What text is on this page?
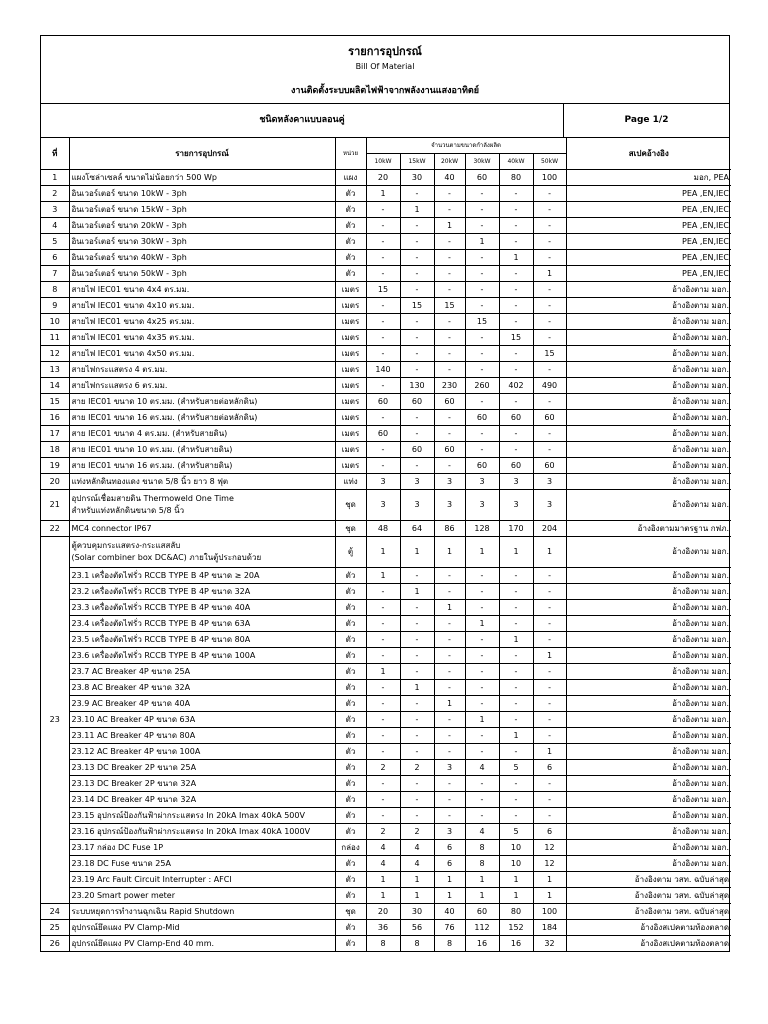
รายการอุปกรณ์
Bill Of Material
งานติดตั้งระบบผลิตไฟฟ้าจากพลังงานแสงอาทิตย์
ชนิดหลังคาแบบลอนคู่	Page 1/2
ที่	รายการอุปกรณ์	หน่วย	จำนวนตามขนาดกำลังผลิต						สเปคอ้างอิง
			10kW	15kW	20kW	30kW	40kW	50kW	
1	แผงโซล่าเซลล์ ขนาดไม่น้อยกว่า 500 Wp	แผง	20	30	40	60	80	100	มอก, PEA
2	อินเวอร์เตอร์ ขนาด 10kW - 3ph	ตัว	1	-	-	-	-	-	PEA ,EN,IEC
3	อินเวอร์เตอร์ ขนาด 15kW - 3ph	ตัว	-	1	-	-	-	-	PEA ,EN,IEC
4	อินเวอร์เตอร์ ขนาด 20kW - 3ph	ตัว	-	-	1	-	-	-	PEA ,EN,IEC
5	อินเวอร์เตอร์ ขนาด 30kW - 3ph	ตัว	-	-	-	1	-	-	PEA ,EN,IEC
6	อินเวอร์เตอร์ ขนาด 40kW - 3ph	ตัว	-	-	-	-	1	-	PEA ,EN,IEC
7	อินเวอร์เตอร์ ขนาด 50kW - 3ph	ตัว	-	-	-	-	-	1	PEA ,EN,IEC
8	สายไฟ IEC01 ขนาด 4x4 ตร.มม.	เมตร	15	-	-	-	-	-	อ้างอิงตาม มอก.
9	สายไฟ IEC01 ขนาด 4x10 ตร.มม.	เมตร	-	15	15	-	-	-	อ้างอิงตาม มอก.
10	สายไฟ IEC01 ขนาด 4x25 ตร.มม.	เมตร	-	-	-	15	-	-	อ้างอิงตาม มอก.
11	สายไฟ IEC01 ขนาด 4x35 ตร.มม.	เมตร	-	-	-	-	15	-	อ้างอิงตาม มอก.
12	สายไฟ IEC01 ขนาด 4x50 ตร.มม.	เมตร	-	-	-	-	-	15	อ้างอิงตาม มอก.
13	สายไฟกระแสตรง 4 ตร.มม.	เมตร	140	-	-	-	-	-	อ้างอิงตาม มอก.
14	สายไฟกระแสตรง 6 ตร.มม.	เมตร	-	130	230	260	402	490	อ้างอิงตาม มอก.
15	สาย IEC01 ขนาด 10 ตร.มม. (สำหรับสายต่อหลักดิน)	เมตร	60	60	60	-	-	-	อ้างอิงตาม มอก.
16	สาย IEC01 ขนาด 16 ตร.มม. (สำหรับสายต่อหลักดิน)	เมตร	-	-	-	60	60	60	อ้างอิงตาม มอก.
17	สาย IEC01 ขนาด 4 ตร.มม. (สำหรับสายดิน)	เมตร	60	-	-	-	-	-	อ้างอิงตาม มอก.
18	สาย IEC01 ขนาด 10 ตร.มม. (สำหรับสายดิน)	เมตร	-	60	60	-	-	-	อ้างอิงตาม มอก.
19	สาย IEC01 ขนาด 16 ตร.มม. (สำหรับสายดิน)	เมตร	-	-	-	60	60	60	อ้างอิงตาม มอก.
20	แท่งหลักดินทองแดง ขนาด 5/8 นิ้ว ยาว 8 ฟุต	แท่ง	3	3	3	3	3	3	อ้างอิงตาม มอก.
21	อุปกรณ์เชื่อมสายดิน Thermoweld One Time
สำหรับแท่งหลักดินขนาด 5/8 นิ้ว	ชุด	3	3	3	3	3	3	อ้างอิงตาม มอก.
22	MC4 connector IP67	ชุด	48	64	86	128	170	204	อ้างอิงตามมาตรฐาน กฟภ.
23	ตู้ควบคุมกระแสตรง-กระแสสลับ
(Solar combiner box DC&AC) ภายในตู้ประกอบด้วย	ตู้	1	1	1	1	1	1	อ้างอิงตาม มอก.
	23.1 เครื่องตัดไฟรั่ว RCCB TYPE B 4P ขนาด ≥ 20A	ตัว	1	-	-	-	-	-	อ้างอิงตาม มอก.
	23.2 เครื่องตัดไฟรั่ว RCCB TYPE B 4P ขนาด 32A	ตัว	-	1	-	-	-	-	อ้างอิงตาม มอก.
	23.3 เครื่องตัดไฟรั่ว RCCB TYPE B 4P ขนาด 40A	ตัว	-	-	1	-	-	-	อ้างอิงตาม มอก.
	23.4 เครื่องตัดไฟรั่ว RCCB TYPE B 4P ขนาด 63A	ตัว	-	-	-	1	-	-	อ้างอิงตาม มอก.
	23.5 เครื่องตัดไฟรั่ว RCCB TYPE B 4P ขนาด 80A	ตัว	-	-	-	-	1	-	อ้างอิงตาม มอก.
	23.6 เครื่องตัดไฟรั่ว RCCB TYPE B 4P ขนาด 100A	ตัว	-	-	-	-	-	1	อ้างอิงตาม มอก.
	23.7 AC Breaker 4P ขนาด 25A	ตัว	1	-	-	-	-	-	อ้างอิงตาม มอก.
	23.8 AC Breaker 4P ขนาด 32A	ตัว	-	1	-	-	-	-	อ้างอิงตาม มอก.
	23.9 AC Breaker 4P ขนาด 40A	ตัว	-	-	1	-	-	-	อ้างอิงตาม มอก.
	23.10 AC Breaker 4P ขนาด 63A	ตัว	-	-	-	1	-	-	อ้างอิงตาม มอก.
	23.11 AC Breaker 4P ขนาด 80A	ตัว	-	-	-	-	1	-	อ้างอิงตาม มอก.
	23.12 AC Breaker 4P ขนาด 100A	ตัว	-	-	-	-	-	1	อ้างอิงตาม มอก.
	23.13 DC Breaker 2P ขนาด 25A	ตัว	2	2	3	4	5	6	อ้างอิงตาม มอก.
	23.13 DC Breaker 2P ขนาด 32A	ตัว	-	-	-	-	-	-	อ้างอิงตาม มอก.
	23.14 DC Breaker 4P ขนาด 32A	ตัว	-	-	-	-	-	-	อ้างอิงตาม มอก.
	23.15 อุปกรณ์ป้องกันฟ้าผ่ากระแสตรง In 20kA Imax 40kA 500V	ตัว	-	-	-	-	-	-	อ้างอิงตาม มอก.
	23.16 อุปกรณ์ป้องกันฟ้าผ่ากระแสตรง In 20kA Imax 40kA 1000V	ตัว	2	2	3	4	5	6	อ้างอิงตาม มอก.
	23.17 กล่อง DC Fuse 1P	กล่อง	4	4	6	8	10	12	อ้างอิงตาม มอก.
	23.18 DC Fuse ขนาด 25A	ตัว	4	4	6	8	10	12	อ้างอิงตาม มอก.
	23.19 Arc Fault Circuit Interrupter : AFCI	ตัว	1	1	1	1	1	1	อ้างอิงตาม วสท. ฉบับล่าสุด
	23.20 Smart power meter	ตัว	1	1	1	1	1	1	อ้างอิงตาม วสท. ฉบับล่าสุด
24	ระบบหยุดการทำงานฉุกเฉิน Rapid Shutdown	ชุด	20	30	40	60	80	100	อ้างอิงตาม วสท. ฉบับล่าสุด
25	อุปกรณ์ยึดแผง PV Clamp-Mid	ตัว	36	56	76	112	152	184	อ้างอิงสเปคตามท้องตลาด
26	อุปกรณ์ยึดแผง PV Clamp-End 40 mm.	ตัว	8	8	8	16	16	32	อ้างอิงสเปคตามท้องตลาด
